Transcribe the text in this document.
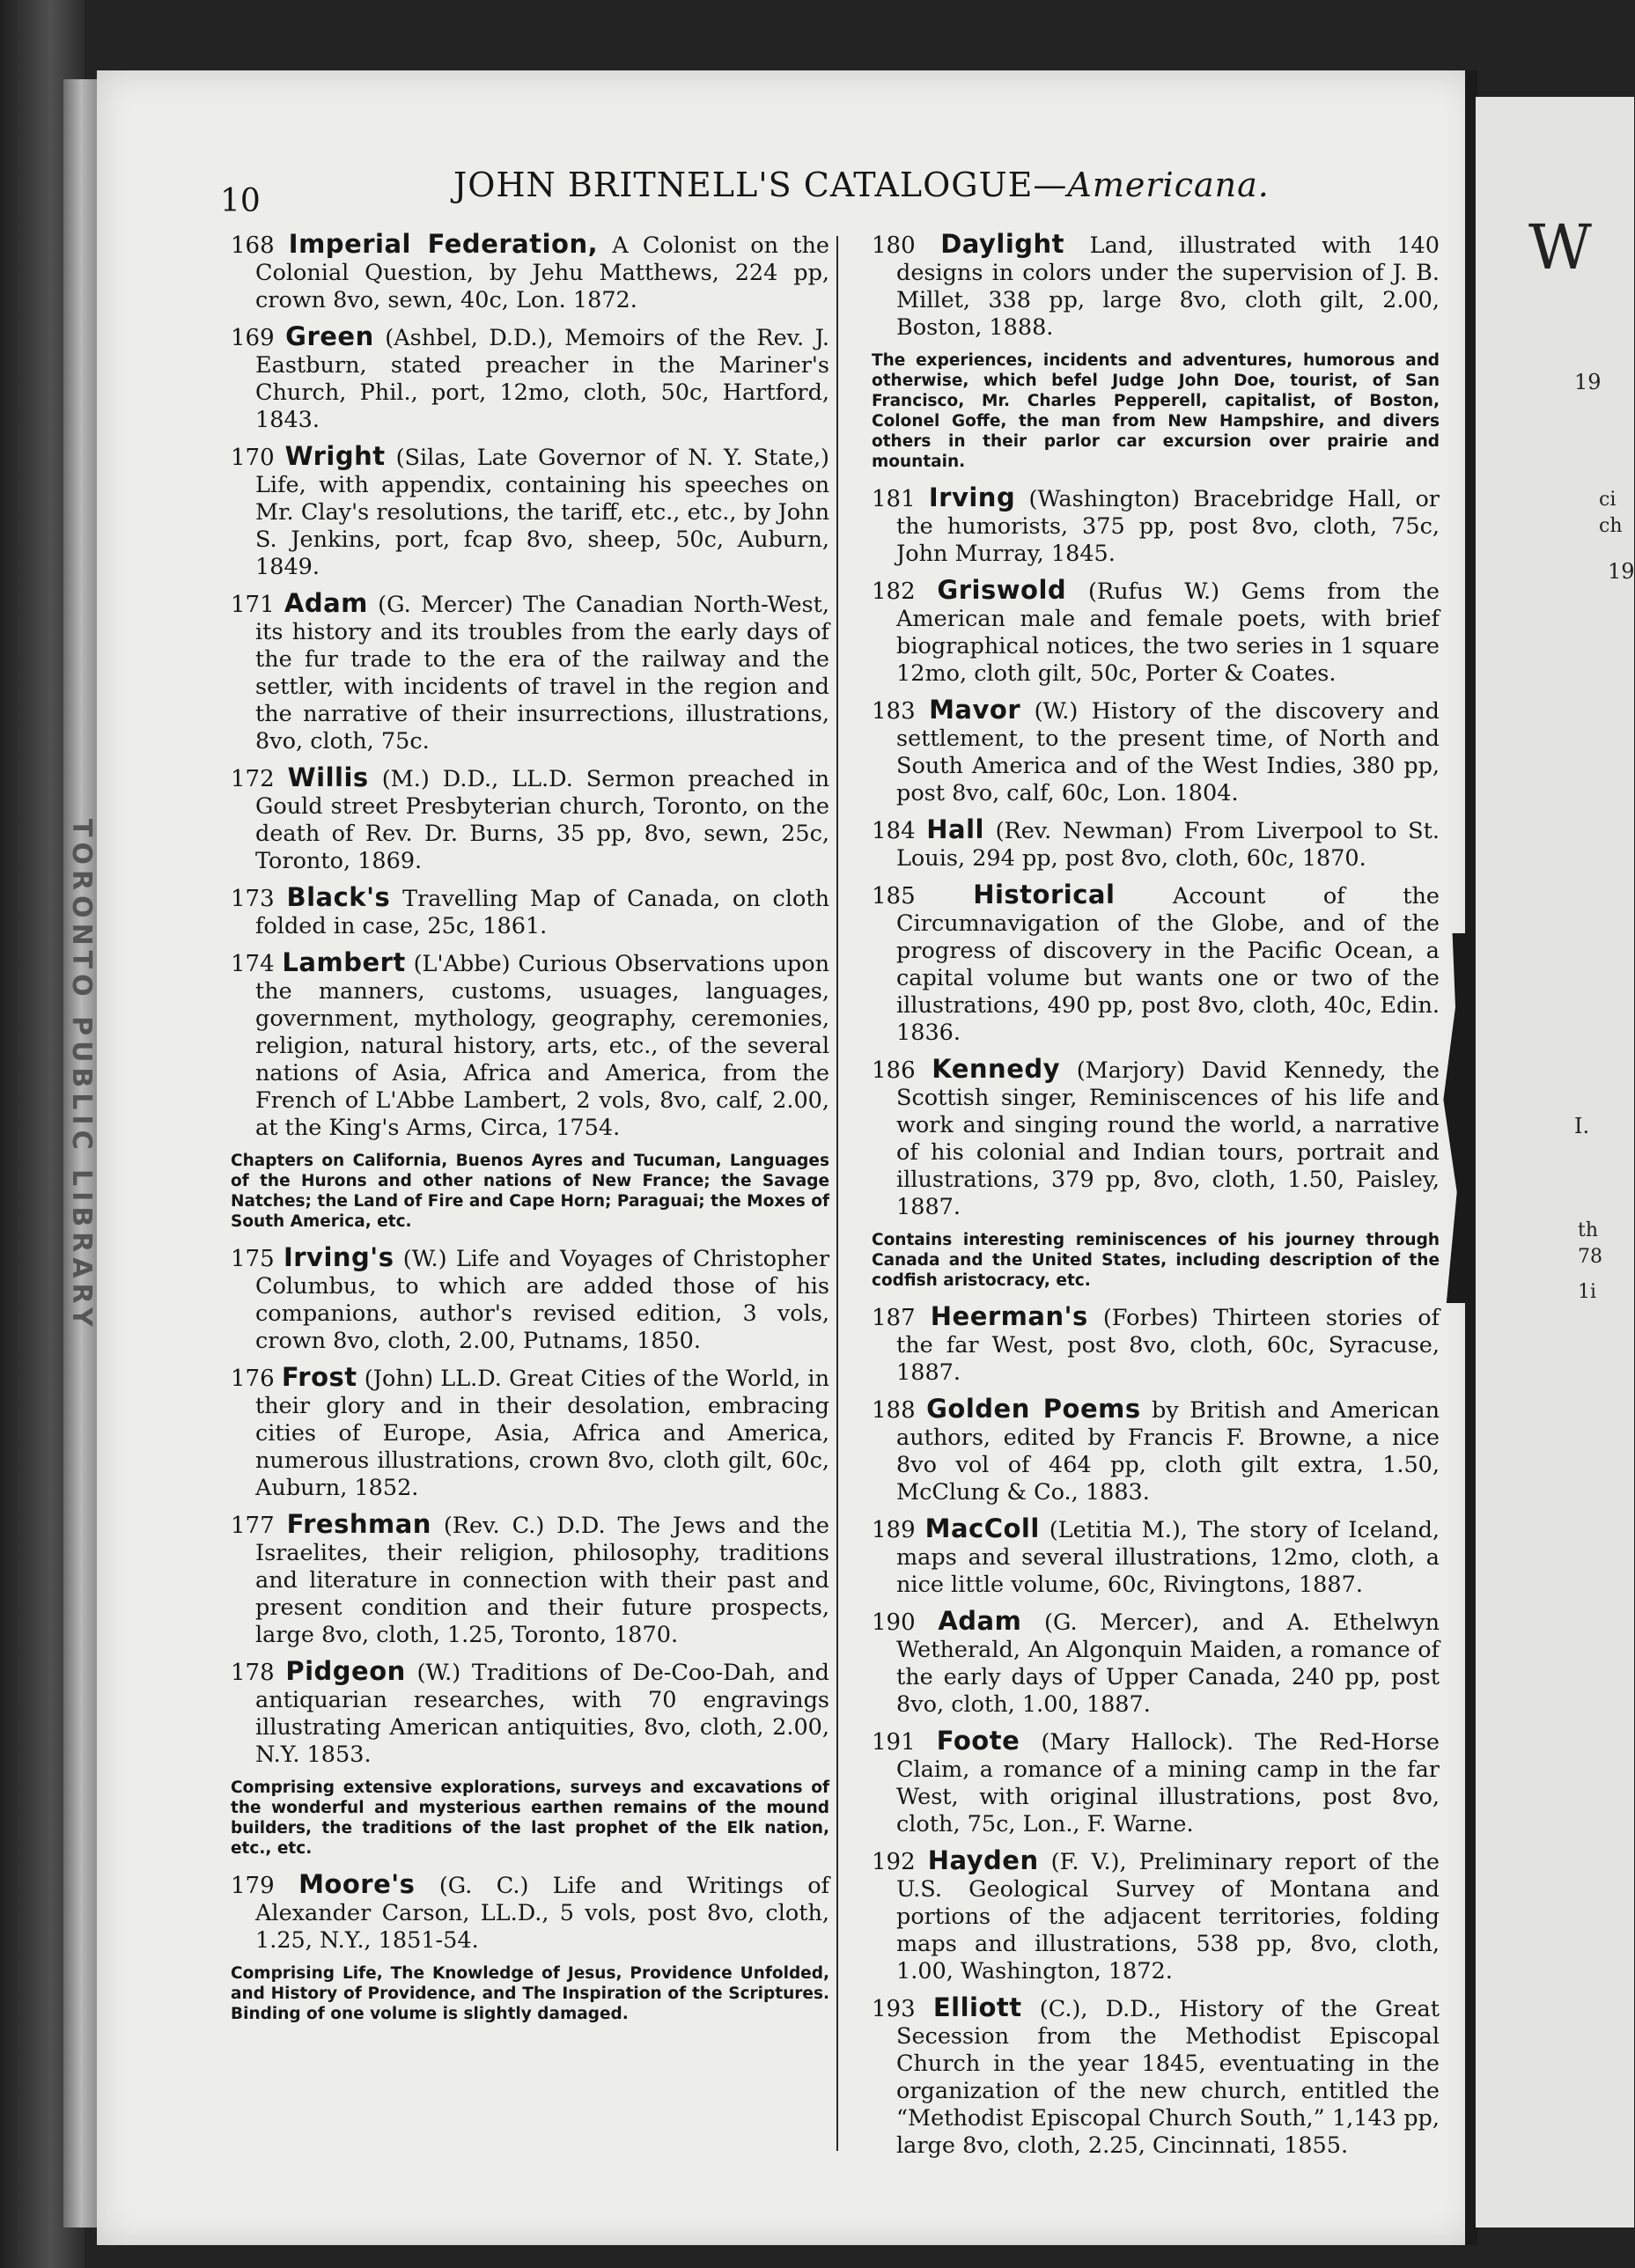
TORONTO PUBLIC LIBRARY
W
19
ci
ch
19
I.
th
78
1i
10	JOHN BRITNELL'S CATALOGUE—Americana.
168 Imperial Federation, A Colonist on the Colonial Question, by Jehu Matthews, 224 pp, crown 8vo, sewn, 40c, Lon. 1872.
169 Green (Ashbel, D.D.), Memoirs of the Rev. J. Eastburn, stated preacher in the Mariner's Church, Phil., port, 12mo, cloth, 50c, Hartford, 1843.
170 Wright (Silas, Late Governor of N. Y. State,) Life, with appendix, containing his speeches on Mr. Clay's resolutions, the tariff, etc., etc., by John S. Jenkins, port, fcap 8vo, sheep, 50c, Auburn, 1849.
171 Adam (G. Mercer) The Canadian North-West, its history and its troubles from the early days of the fur trade to the era of the railway and the settler, with incidents of travel in the region and the narrative of their insurrections, illustrations, 8vo, cloth, 75c.
172 Willis (M.) D.D., LL.D. Sermon preached in Gould street Presbyterian church, Toronto, on the death of Rev. Dr. Burns, 35 pp, 8vo, sewn, 25c, Toronto, 1869.
173 Black's Travelling Map of Canada, on cloth folded in case, 25c, 1861.
174 Lambert (L'Abbe) Curious Observations upon the manners, customs, usuages, languages, government, mythology, geography, ceremonies, religion, natural history, arts, etc., of the several nations of Asia, Africa and America, from the French of L'Abbe Lambert, 2 vols, 8vo, calf, 2.00, at the King's Arms, Circa, 1754.
Chapters on California, Buenos Ayres and Tucuman, Languages of the Hurons and other nations of New France; the Savage Natches; the Land of Fire and Cape Horn; Paraguai; the Moxes of South America, etc.
175 Irving's (W.) Life and Voyages of Christopher Columbus, to which are added those of his companions, author's revised edition, 3 vols, crown 8vo, cloth, 2.00, Putnams, 1850.
176 Frost (John) LL.D. Great Cities of the World, in their glory and in their desolation, embracing cities of Europe, Asia, Africa and America, numerous illustrations, crown 8vo, cloth gilt, 60c, Auburn, 1852.
177 Freshman (Rev. C.) D.D. The Jews and the Israelites, their religion, philosophy, traditions and literature in connection with their past and present condition and their future prospects, large 8vo, cloth, 1.25, Toronto, 1870.
178 Pidgeon (W.) Traditions of De-Coo-Dah, and antiquarian researches, with 70 engravings illustrating American antiquities, 8vo, cloth, 2.00, N.Y. 1853.
Comprising extensive explorations, surveys and excavations of the wonderful and mysterious earthen remains of the mound builders, the traditions of the last prophet of the Elk nation, etc., etc.
179 Moore's (G. C.) Life and Writings of Alexander Carson, LL.D., 5 vols, post 8vo, cloth, 1.25, N.Y., 1851-54.
Comprising Life, The Knowledge of Jesus, Providence Unfolded, and History of Providence, and The Inspiration of the Scriptures. Binding of one volume is slightly damaged.
180 Daylight Land, illustrated with 140 designs in colors under the supervision of J. B. Millet, 338 pp, large 8vo, cloth gilt, 2.00, Boston, 1888.
The experiences, incidents and adventures, humorous and otherwise, which befel Judge John Doe, tourist, of San Francisco, Mr. Charles Pepperell, capitalist, of Boston, Colonel Goffe, the man from New Hampshire, and divers others in their parlor car excursion over prairie and mountain.
181 Irving (Washington) Bracebridge Hall, or the humorists, 375 pp, post 8vo, cloth, 75c, John Murray, 1845.
182 Griswold (Rufus W.) Gems from the American male and female poets, with brief biographical notices, the two series in 1 square 12mo, cloth gilt, 50c, Porter & Coates.
183 Mavor (W.) History of the discovery and settlement, to the present time, of North and South America and of the West Indies, 380 pp, post 8vo, calf, 60c, Lon. 1804.
184 Hall (Rev. Newman) From Liverpool to St. Louis, 294 pp, post 8vo, cloth, 60c, 1870.
185 Historical	Account of the Circumnavigation of the Globe, and of the progress of discovery in the Pacific Ocean, a capital volume but wants one or two of the illustrations, 490 pp, post 8vo, cloth, 40c, Edin. 1836.
186 Kennedy (Marjory) David Kennedy, the Scottish singer, Reminiscences of his life and work and singing round the world, a narrative of his colonial and Indian tours, portrait and illustrations, 379 pp, 8vo, cloth, 1.50, Paisley, 1887.
Contains interesting reminiscences of his journey through Canada and the United States, including description of the codfish aristocracy, etc.
187 Heerman's (Forbes) Thirteen stories of the far West, post 8vo, cloth, 60c, Syracuse, 1887.
188 Golden Poems by British and American authors, edited by Francis F. Browne, a nice 8vo vol of 464 pp, cloth gilt extra, 1.50, McClung & Co., 1883.
189 MacColl (Letitia M.), The story of Iceland, maps and several illustrations, 12mo, cloth, a nice little volume, 60c, Rivingtons, 1887.
190 Adam (G. Mercer), and A. Ethelwyn Wetherald, An Algonquin Maiden, a romance of the early days of Upper Canada, 240 pp, post 8vo, cloth, 1.00, 1887.
191 Foote (Mary Hallock). The Red-Horse Claim, a romance of a mining camp in the far West, with original illustrations, post 8vo, cloth, 75c, Lon., F. Warne.
192 Hayden (F. V.), Preliminary report of the U.S. Geological Survey of Montana and portions of the adjacent territories, folding maps and illustrations, 538 pp, 8vo, cloth, 1.00, Washington, 1872.
193 Elliott (C.), D.D., History of the Great Secession from the Methodist Episcopal Church in the year 1845, eventuating in the organization of the new church, entitled the “Methodist Episcopal Church South,” 1,143 pp, large 8vo, cloth, 2.25, Cincinnati, 1855.
